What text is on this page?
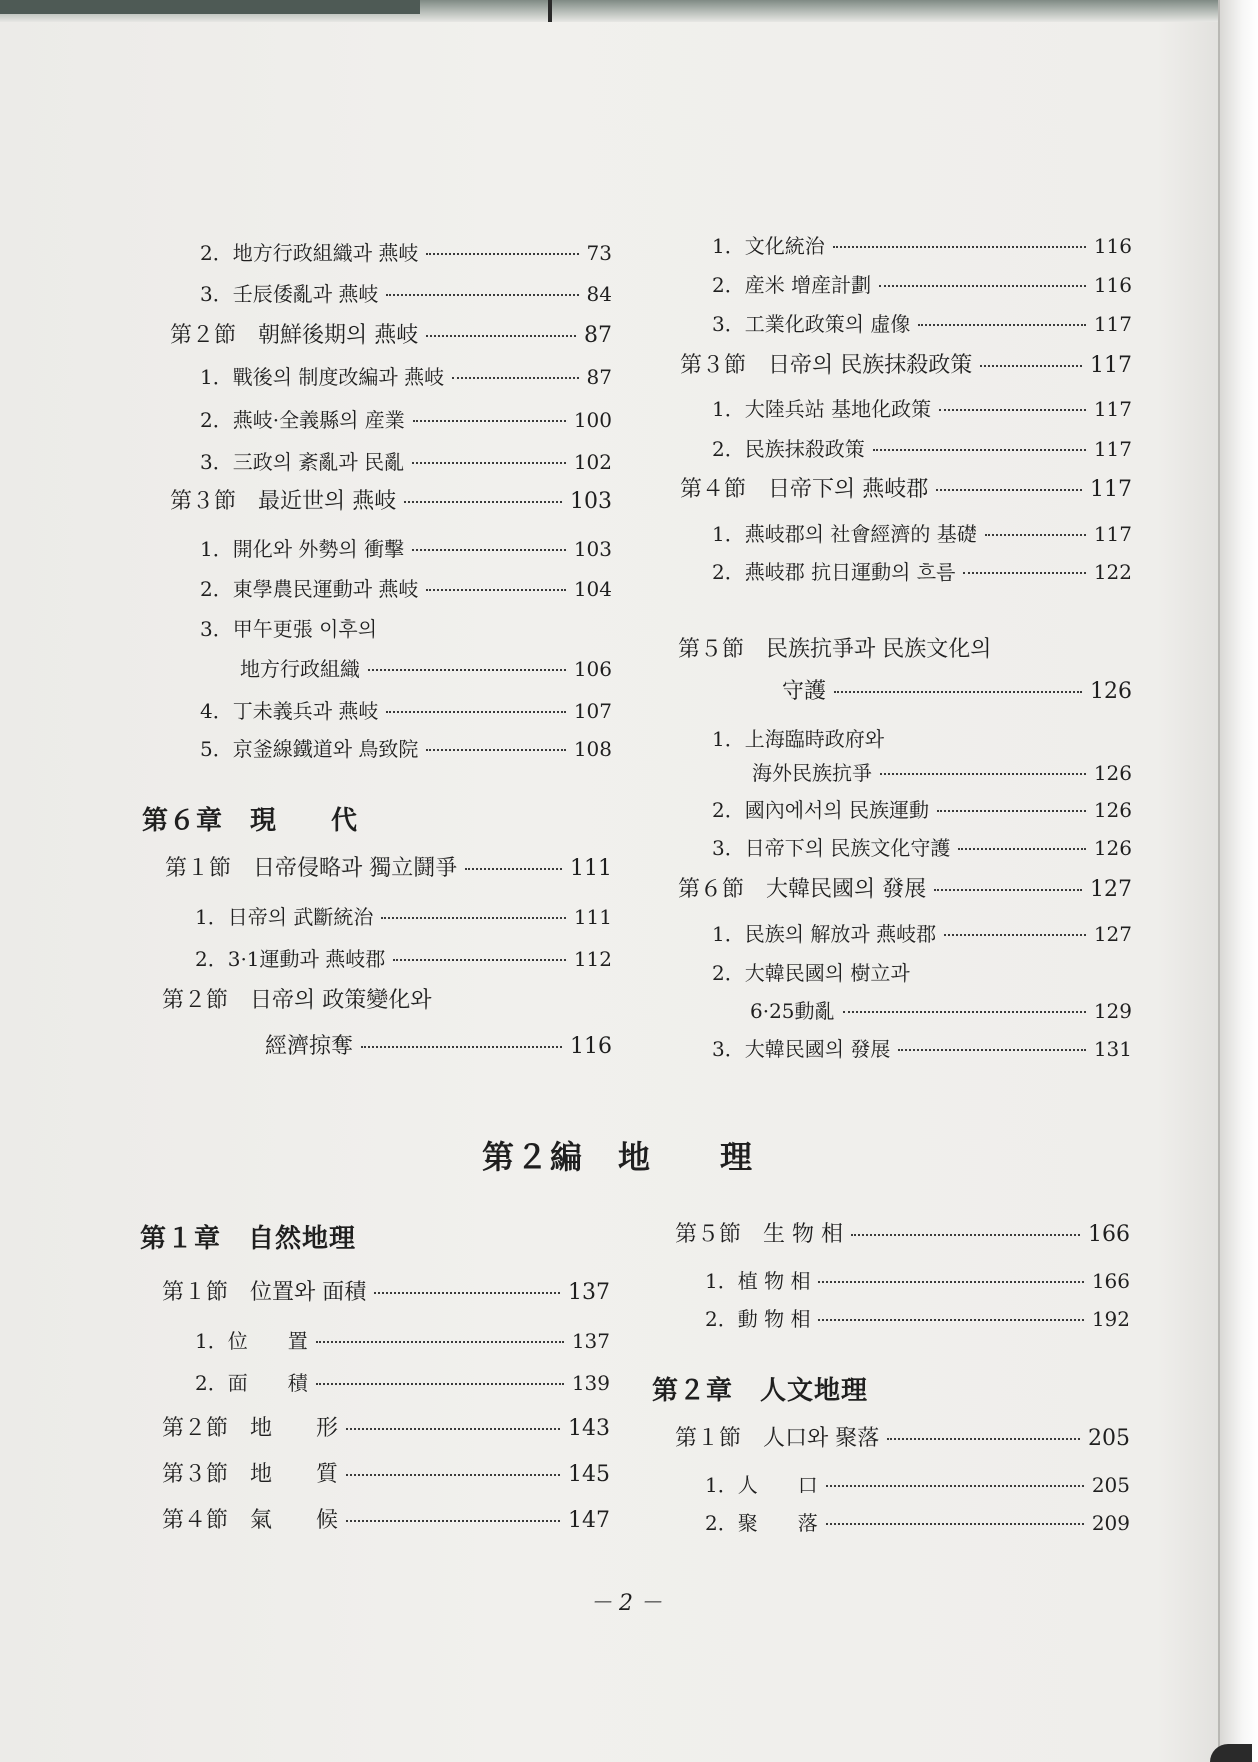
2．地方行政組織과 燕岐	73
3．壬辰倭亂과 燕岐	84
第２節　朝鮮後期의 燕岐	87
1．戰後의 制度改編과 燕岐	87
2．燕岐·全義縣의 産業	100
3．三政의 紊亂과 民亂	102
第３節　最近世의 燕岐	103
1．開化와 外勢의 衝擊	103
2．東學農民運動과 燕岐	104
3．甲午更張 이후의
地方行政組織	106
4．丁未義兵과 燕岐	107
5．京釜線鐵道와 鳥致院	108
第６章　現　　代
第１節　日帝侵略과 獨立鬪爭	111
1．日帝의 武斷統治	111
2．3·1運動과 燕岐郡	112
第２節　日帝의 政策變化와
經濟掠奪	116
1．文化統治	116
2．産米 增産計劃	116
3．工業化政策의 虛像	117
第３節　日帝의 民族抹殺政策	117
1．大陸兵站 基地化政策	117
2．民族抹殺政策	117
第４節　日帝下의 燕岐郡	117
1．燕岐郡의 社會經濟的 基礎	117
2．燕岐郡 抗日運動의 흐름	122
第５節　民族抗爭과 民族文化의
守護	126
1．上海臨時政府와
海外民族抗爭	126
2．國內에서의 民族運動	126
3．日帝下의 民族文化守護	126
第６節　大韓民國의 發展	127
1．民族의 解放과 燕岐郡	127
2．大韓民國의 樹立과
6·25動亂	129
3．大韓民國의 發展	131
第２編　地　　理
第１章　自然地理
第１節　位置와 面積	137
1．位　　置	137
2．面　　積	139
第２節　地　　形	143
第３節　地　　質	145
第４節　氣　　候	147
第５節　生 物 相	166
1．植 物 相	166
2．動 物 相	192
第２章　人文地理
第１節　人口와 聚落	205
1．人　　口	205
2．聚　　落	209
－ 2 －
